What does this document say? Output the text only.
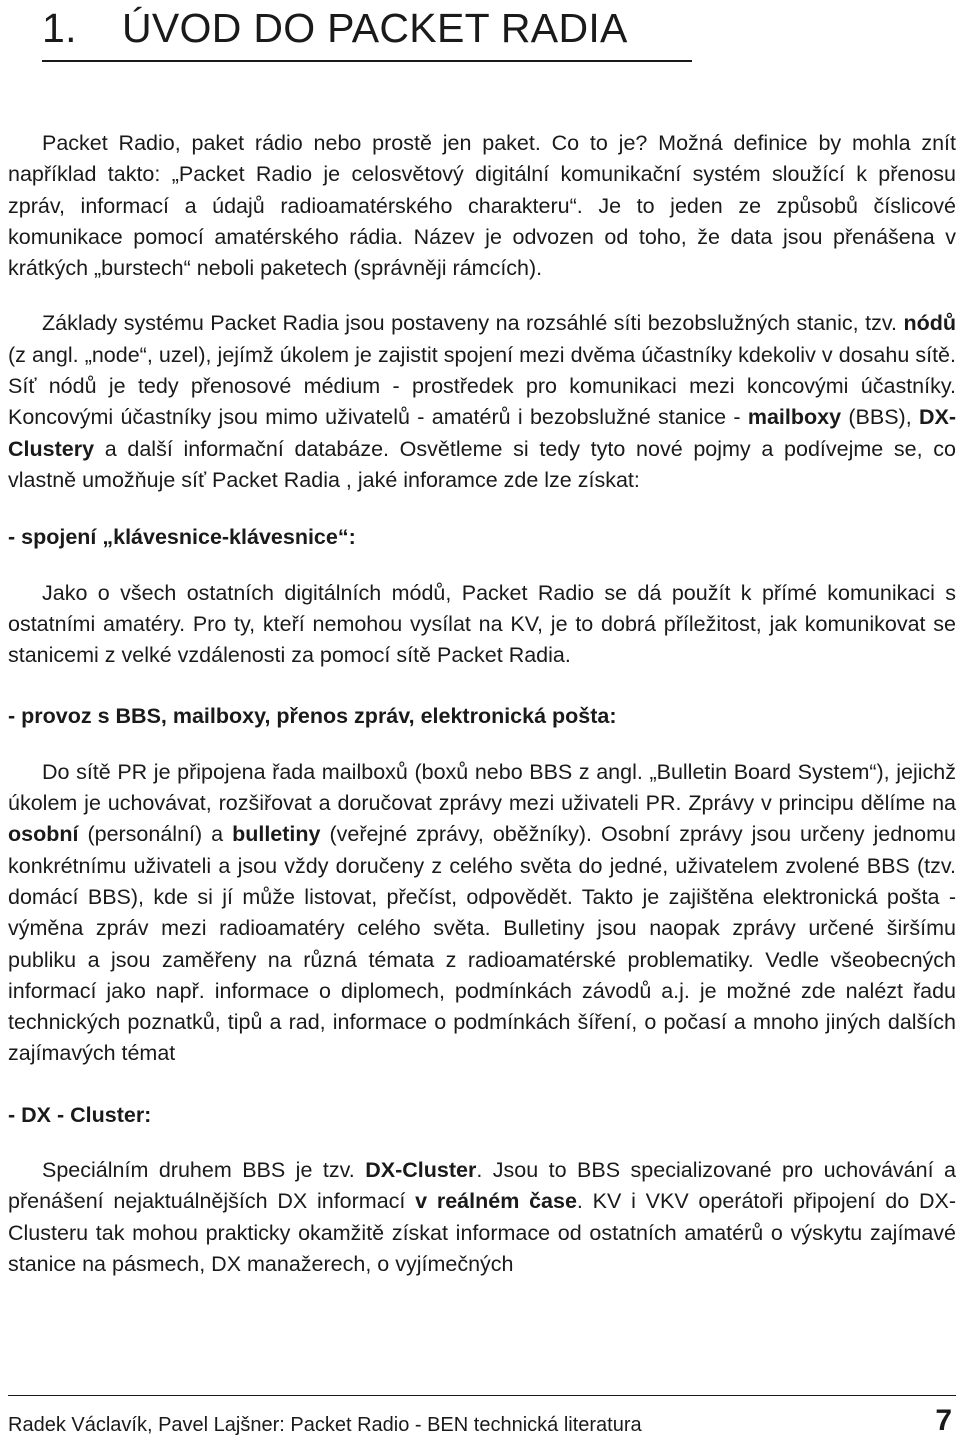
1. ÚVOD DO PACKET RADIA

Packet Radio, paket rádio nebo prostě jen paket. Co to je? Možná definice by mohla znít například takto: „Packet Radio je celosvětový digitální komunikační systém sloužící k přenosu zpráv, informací a údajů radioamatérského charakteru“. Je to jeden ze způsobů číslicové komunikace pomocí amatérského rádia. Název je odvozen od toho, že data jsou přenášena v krátkých „burstech“ neboli paketech (správněji rámcích).

Základy systému Packet Radia jsou postaveny na rozsáhlé síti bezobslužných stanic, tzv. nódů (z angl. „node“, uzel), jejímž úkolem je zajistit spojení mezi dvěma účastníky kdekoliv v dosahu sítě. Síť nódů je tedy přenosové médium - prostředek pro komunikaci mezi koncovými účastníky. Koncovými účastníky jsou mimo uživatelů - amatérů i bezobslužné stanice - mailboxy (BBS), DX-Clustery a další informační databáze. Osvětleme si tedy tyto nové pojmy a podívejme se, co vlastně umožňuje síť Packet Radia , jaké inforamce zde lze získat:

- spojení „klávesnice-klávesnice“:

Jako o všech ostatních digitálních módů, Packet Radio se dá použít k přímé komunikaci s ostatními amatéry. Pro ty, kteří nemohou vysílat na KV, je to dobrá příležitost, jak komunikovat se stanicemi z velké vzdálenosti za pomocí sítě Packet Radia.

- provoz s BBS, mailboxy, přenos zpráv, elektronická pošta:

Do sítě PR je připojena řada mailboxů (boxů nebo BBS z angl. „Bulletin Board System“), jejichž úkolem je uchovávat, rozšiřovat a doručovat zprávy mezi uživateli PR. Zprávy v principu dělíme na osobní (personální) a bulletiny (veřejné zprávy, oběžníky). Osobní zprávy jsou určeny jednomu konkrétnímu uživateli a jsou vždy doručeny z celého světa do jedné, uživatelem zvolené BBS (tzv. domácí BBS), kde si jí může listovat, přečíst, odpovědět. Takto je zajištěna elektronická pošta - výměna zpráv mezi radioamatéry celého světa. Bulletiny jsou naopak zprávy určené širšímu publiku a jsou zaměřeny na různá témata z radioamatérské problematiky. Vedle všeobecných informací jako např. informace o diplomech, podmínkách závodů a.j. je možné zde nalézt řadu technických poznatků, tipů a rad, informace o podmínkách šíření, o počasí a mnoho jiných dalších zajímavých témat

- DX - Cluster:

Speciálním druhem BBS je tzv. DX-Cluster. Jsou to BBS specializované pro uchovávání a přenášení nejaktuálnějších DX informací v reálném čase. KV i VKV operátoři připojení do DX-Clusteru tak mohou prakticky okamžitě získat informace od ostatních amatérů o výskytu zajímavé stanice na pásmech, DX manažerech, o vyjímečných

Radek Václavík, Pavel Lajšner: Packet Radio - BEN technická literatura	7
